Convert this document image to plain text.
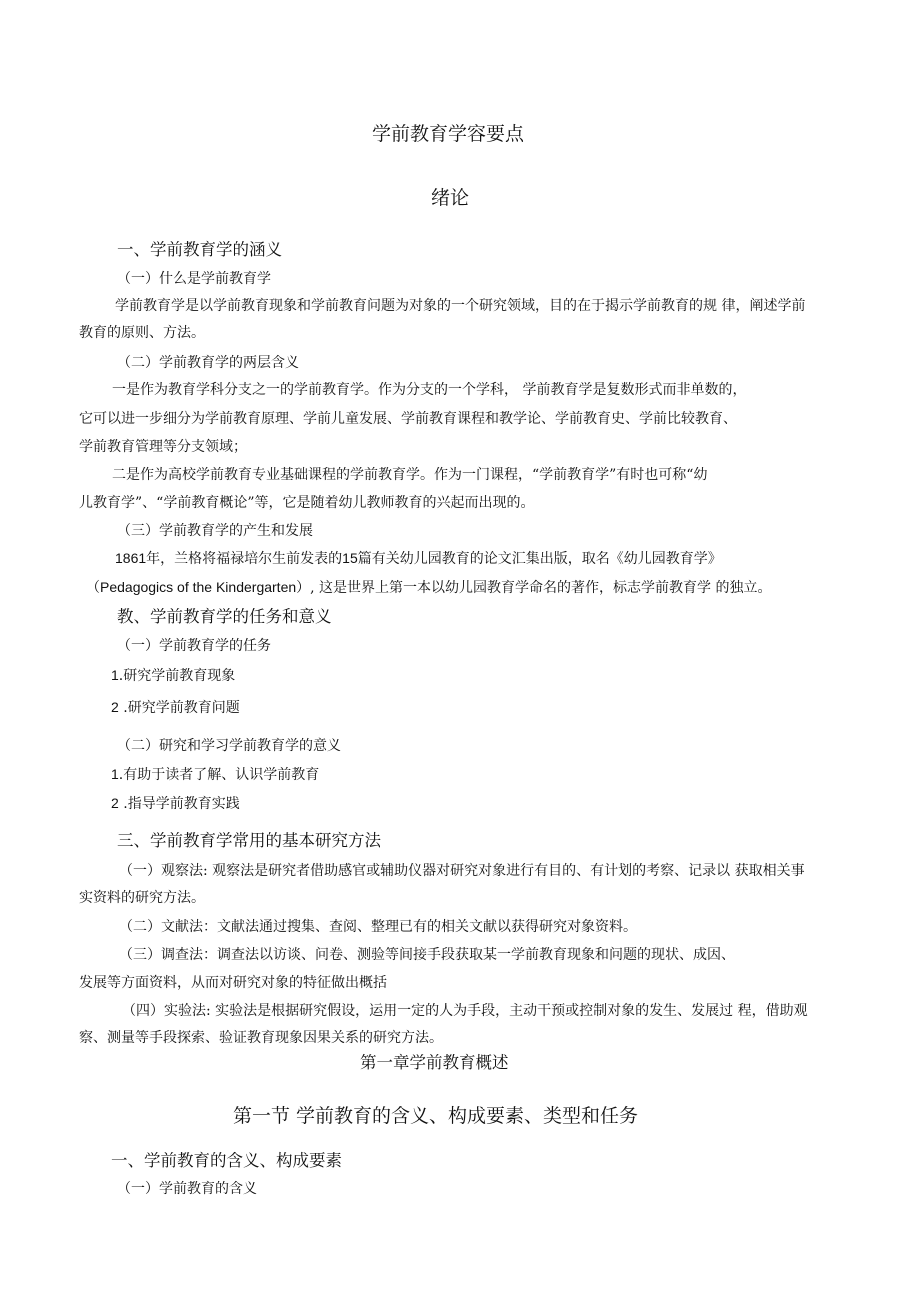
学前教育学容要点
绪论
一、学前教育学的涵义
（一）什么是学前教育学
学前教育学是以学前教育现象和学前教育问题为对象的一个研究领域，目的在于揭示学前教育的规 律，阐述学前
教育的原则、方法。
（二）学前教育学的两层含义
一是作为教育学科分支之一的学前教育学。作为分支的一个学科， 学前教育学是复数形式而非单数的，
它可以进一步细分为学前教育原理、学前儿童发展、学前教育课程和教学论、学前教育史、学前比较教育、
学前教育管理等分支领域；
二是作为高校学前教育专业基础课程的学前教育学。作为一门课程，“学前教育学”有时也可称“幼
儿教育学”、“学前教育概论”等，它是随着幼儿教师教育的兴起而出现的。
（三）学前教育学的产生和发展
1861年，兰格将福禄培尔生前发表的15篇有关幼儿园教育的论文汇集出版，取名《幼儿园教育学》
（Pedagogics of the Kindergarten）, 这是世界上第一本以幼儿园教育学命名的著作，标志学前教育学 的独立。
教、学前教育学的任务和意义
（一）学前教育学的任务
1.研究学前教育现象
2 .研究学前教育问题
（二）研究和学习学前教育学的意义
1.有助于读者了解、认识学前教育
2 .指导学前教育实践
三、学前教育学常用的基本研究方法
（一）观察法: 观察法是研究者借助感官或辅助仪器对研究对象进行有目的、有计划的考察、记录以 获取相关事
实资料的研究方法。
（二）文献法：文献法通过搜集、查阅、整理已有的相关文献以获得研究对象资料。
（三）调查法：调查法以访谈、问卷、测验等间接手段获取某一学前教育现象和问题的现状、成因、
发展等方面资料，从而对研究对象的特征做出概括
（四）实验法: 实验法是根据研究假设，运用一定的人为手段，主动干预或控制对象的发生、发展过 程，借助观
察、测量等手段探索、验证教育现象因果关系的研究方法。
第一章学前教育概述
第一节 学前教育的含义、构成要素、类型和任务
一、学前教育的含义、构成要素
（一）学前教育的含义
